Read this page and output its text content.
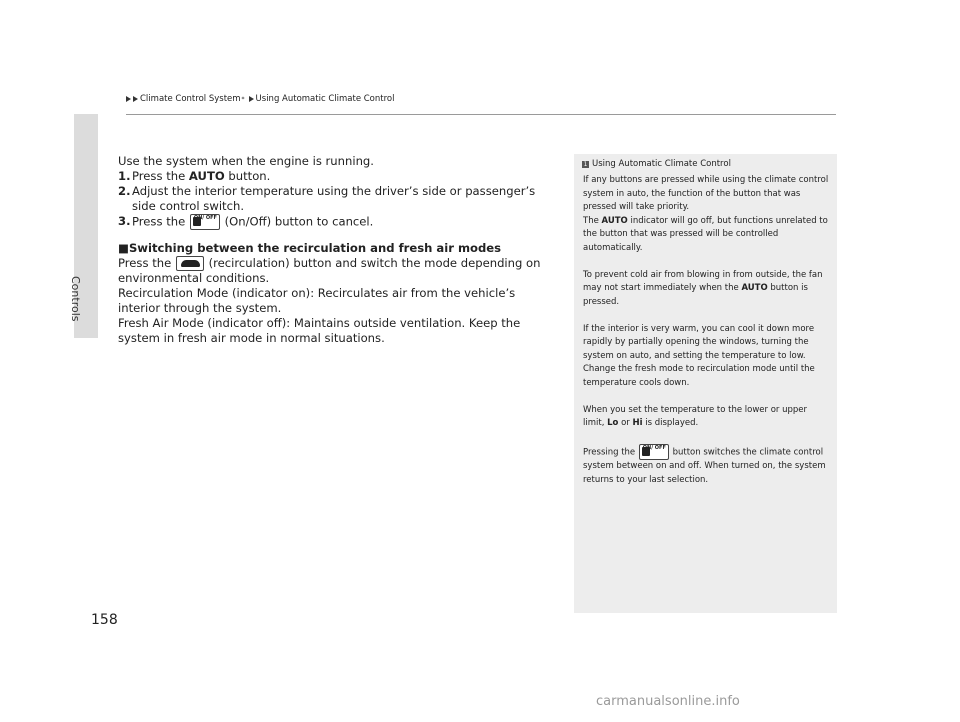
Controls
Climate Control System * Using Automatic Climate Control

Use the system when the engine is running.

1. Press the AUTO button.
2. Adjust the interior temperature using the driver’s side or passenger’s side control switch.
3. Press the ON/ OFF (On/Off) button to cancel.

■Switching between the recirculation and fresh air modes

Press the	(recirculation) button and switch the mode depending on environmental conditions.

Recirculation Mode (indicator on): Recirculates air from the vehicle’s interior through the system.

Fresh Air Mode (indicator off): Maintains outside ventilation. Keep the system in fresh air mode in normal situations.

1 Using Automatic Climate Control
If any buttons are pressed while using the climate control system in auto, the function of the button that was pressed will take priority.
The AUTO indicator will go off, but functions unrelated to the button that was pressed will be controlled automatically.

To prevent cold air from blowing in from outside, the fan may not start immediately when the AUTO button is pressed.

If the interior is very warm, you can cool it down more rapidly by partially opening the windows, turning the system on auto, and setting the temperature to low. Change the fresh mode to recirculation mode until the temperature cools down.

When you set the temperature to the lower or upper limit, Lo or Hi is displayed.

Pressing the ON/ OFF button switches the climate control system between on and off. When turned on, the system returns to your last selection.

158
carmanualsonline.info
